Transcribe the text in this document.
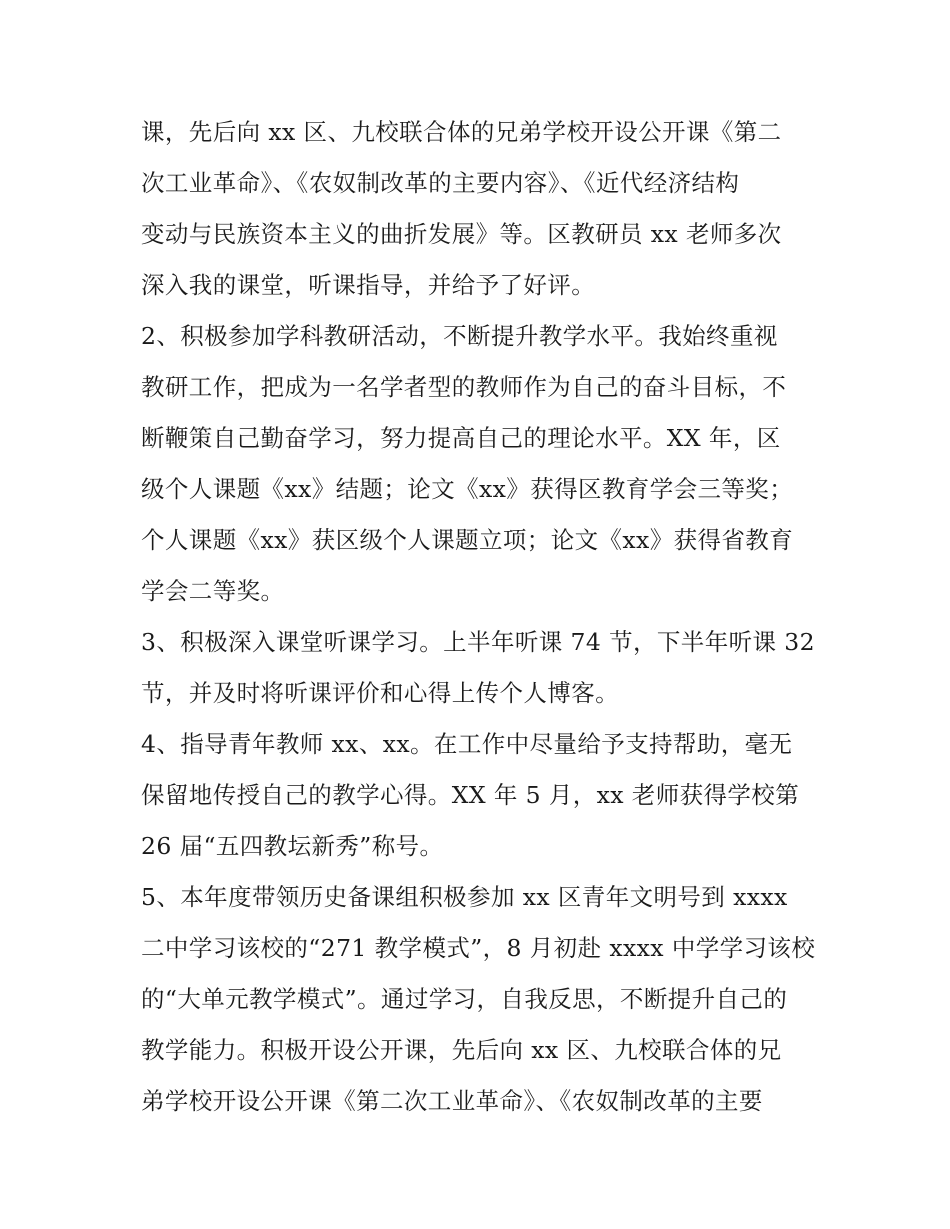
课，先后向 xx 区、九校联合体的兄弟学校开设公开课《第二
次工业革命》、《农奴制改革的主要内容》、《近代经济结构
变动与民族资本主义的曲折发展》等。区教研员 xx 老师多次
深入我的课堂，听课指导，并给予了好评。
2、积极参加学科教研活动，不断提升教学水平。我始终重视
教研工作，把成为一名学者型的教师作为自己的奋斗目标，不
断鞭策自己勤奋学习，努力提高自己的理论水平。XX 年，区
级个人课题《xx》结题；论文《xx》获得区教育学会三等奖；
个人课题《xx》获区级个人课题立项；论文《xx》获得省教育
学会二等奖。
3、积极深入课堂听课学习。上半年听课 74 节，下半年听课 32
节，并及时将听课评价和心得上传个人博客。
4、指导青年教师 xx、xx。在工作中尽量给予支持帮助，毫无
保留地传授自己的教学心得。XX 年 5 月，xx 老师获得学校第
26 届“五四教坛新秀”称号。
5、本年度带领历史备课组积极参加 xx 区青年文明号到 xxxx
二中学习该校的“271 教学模式”，8 月初赴 xxxx 中学学习该校
的“大单元教学模式”。通过学习，自我反思，不断提升自己的
教学能力。积极开设公开课，先后向 xx 区、九校联合体的兄
弟学校开设公开课《第二次工业革命》、《农奴制改革的主要
